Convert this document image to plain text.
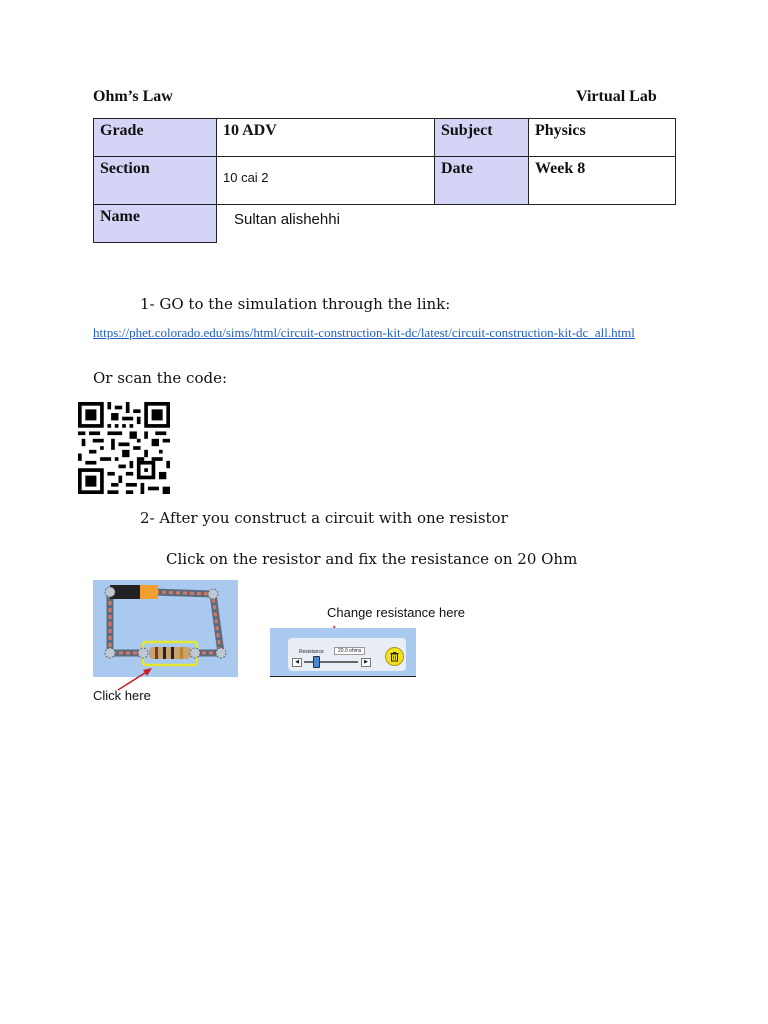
Ohm’s Law	Virtual Lab
Grade	10 ADV	Subject	Physics
Section	10 cai 2	Date	Week 8
Name				Sultan alishehhi
1- GO to the simulation through the link:
https://phet.colorado.edu/sims/html/circuit-construction-kit-dc/latest/circuit-construction-kit-dc_all.html
Or scan the code:
2- After you construct a circuit with one resistor
Click on the resistor and fix the resistance on 20 Ohm
Click here
Change resistance here
Resistance	20.0 ohms
◀	▶
